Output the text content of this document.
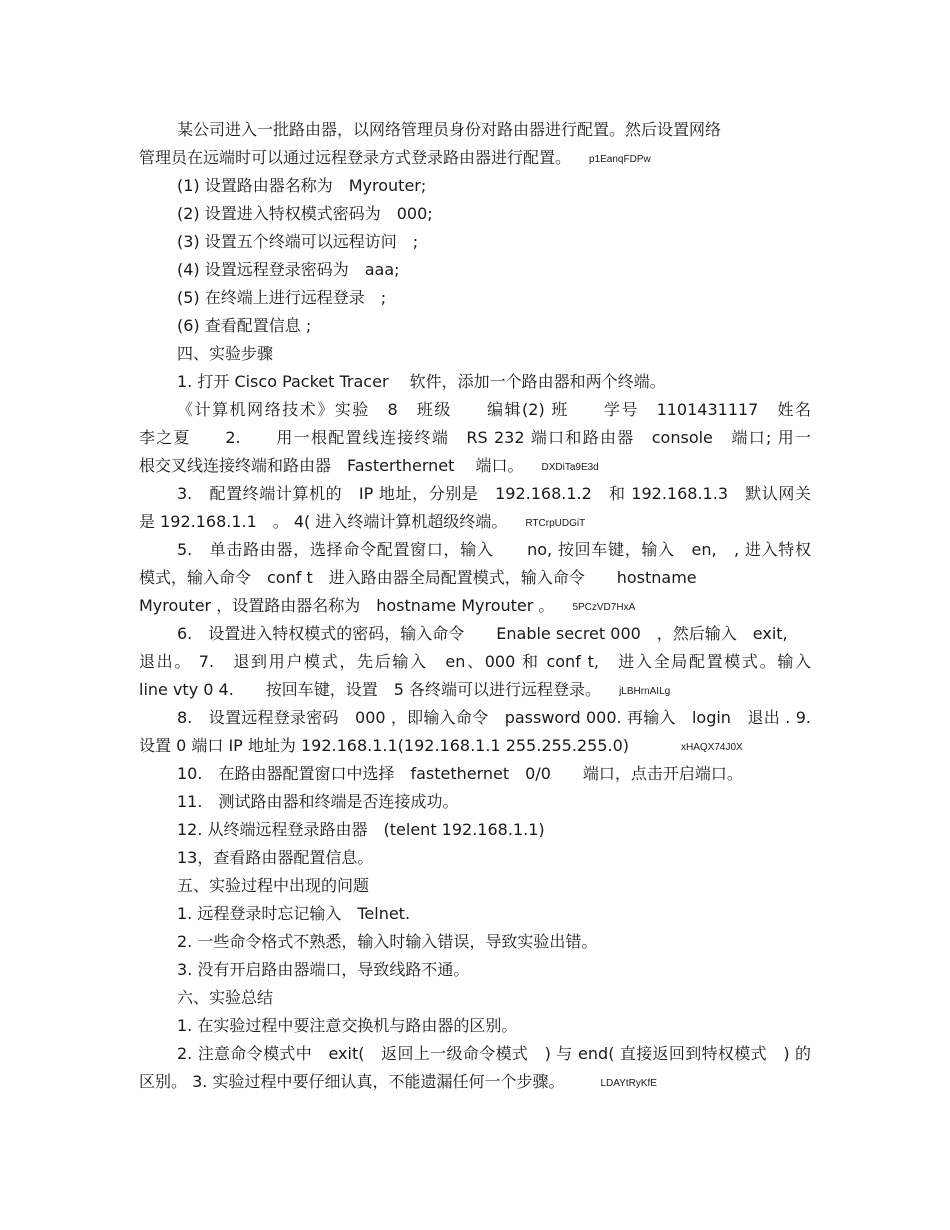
某公司进入一批路由器，以网络管理员身份对路由器进行配置。然后设置网络
管理员在远端时可以通过远程登录方式登录路由器进行配置。 p1EanqFDPw
(1) 设置路由器名称为　Myrouter;
(2) 设置进入特权模式密码为　000;
(3) 设置五个终端可以远程访问　;
(4) 设置远程登录密码为　aaa;
(5) 在终端上进行远程登录　;
(6) 查看配置信息 ;
四、实验步骤
1. 打开 Cisco Packet Tracer　 软件，添加一个路由器和两个终端。
《计算机网络技术》实验　8　班级　　编辑(2) 班　　学号　1101431117　姓名
李之夏　　2.　　用一根配置线连接终端　RS 232 端口和路由器　console　端口; 用一
根交叉线连接终端和路由器　Fasterthernet　 端口。 DXDiTa9E3d
3.　配置终端计算机的　IP 地址，分别是　192.168.1.2　和 192.168.1.3　默认网关
是 192.168.1.1　。 4( 进入终端计算机超级终端。 RTCrpUDGiT
5.　单击路由器，选择命令配置窗口，输入　　no, 按回车键，输入　en,　, 进入特权
模式，输入命令　conf t　进入路由器全局配置模式，输入命令　　hostname
Myrouter ，设置路由器名称为　hostname Myrouter 。 5PCzVD7HxA
6.　设置进入特权模式的密码，输入命令　　Enable secret 000　，然后输入　exit,
退出。 7.　退到用户模式，先后输入　en、000 和 conf t,　进入全局配置模式。输入
line vty 0 4.　　按回车键，设置　5 各终端可以进行远程登录。 jLBHrnAILg
8.　设置远程登录密码　000 ，即输入命令　password 000. 再输入　login　退出 . 9.
设置 0 端口 IP 地址为 192.168.1.1(192.168.1.1 255.255.255.0)	xHAQX74J0X
10.　在路由器配置窗口中选择　fastethernet　0/0　　端口，点击开启端口。
11.　测试路由器和终端是否连接成功。
12. 从终端远程登录路由器　(telent 192.168.1.1)
13，查看路由器配置信息。
五、实验过程中出现的问题
1. 远程登录时忘记输入　Telnet.
2. 一些命令格式不熟悉，输入时输入错误，导致实验出错。
3. 没有开启路由器端口，导致线路不通。
六、实验总结
1. 在实验过程中要注意交换机与路由器的区别。
2. 注意命令模式中　exit(　返回上一级命令模式　) 与 end( 直接返回到特权模式　) 的
区别。 3. 实验过程中要仔细认真，不能遗漏任何一个步骤。	LDAYtRyKfE
